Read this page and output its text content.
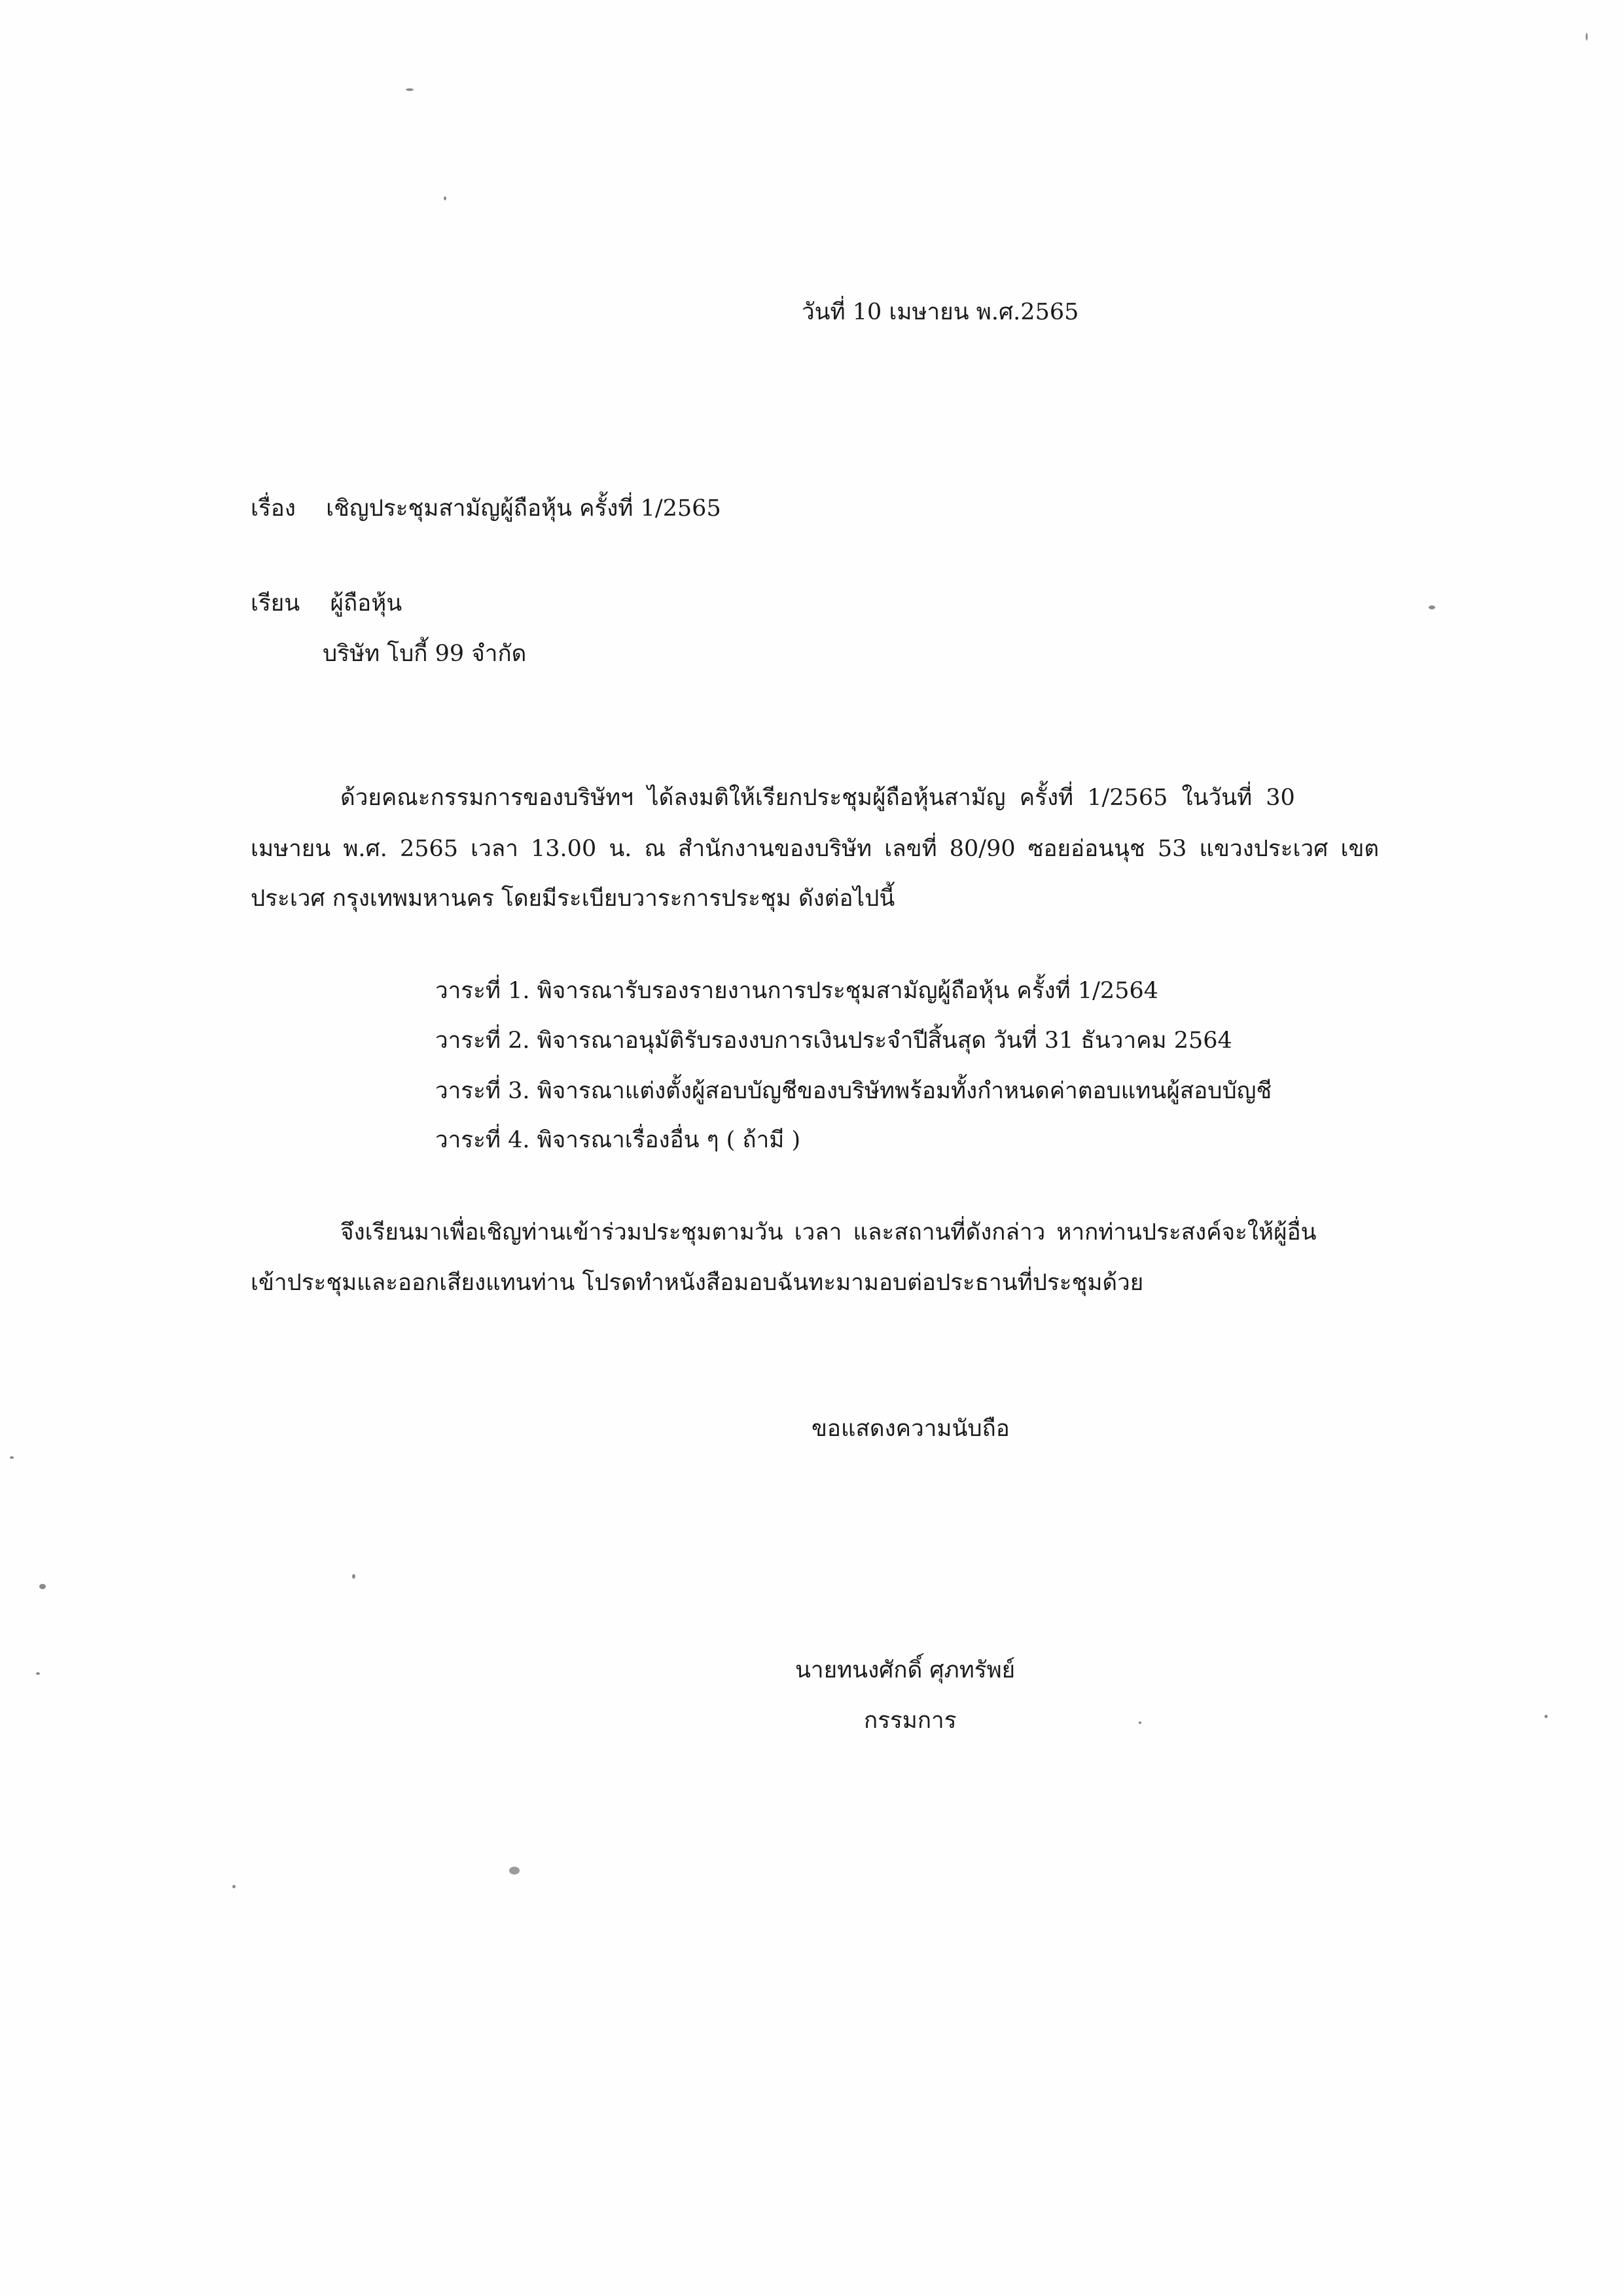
วันที่ 10 เมษายน พ.ศ.2565
เรื่อง เชิญประชุมสามัญผู้ถือหุ้น ครั้งที่ 1/2565
เรียน ผู้ถือหุ้น
บริษัท โบกี้ 99 จำกัด
ด้วยคณะกรรมการของบริษัทฯ ได้ลงมติให้เรียกประชุมผู้ถือหุ้นสามัญ ครั้งที่ 1/2565 ในวันที่ 30
เมษายน พ.ศ. 2565 เวลา 13.00 น. ณ สำนักงานของบริษัท เลขที่ 80/90 ซอยอ่อนนุช 53 แขวงประเวศ เขต
ประเวศ กรุงเทพมหานคร โดยมีระเบียบวาระการประชุม ดังต่อไปนี้
วาระที่ 1. พิจารณารับรองรายงานการประชุมสามัญผู้ถือหุ้น ครั้งที่ 1/2564
วาระที่ 2. พิจารณาอนุมัติรับรองงบการเงินประจำปีสิ้นสุด วันที่ 31 ธันวาคม 2564
วาระที่ 3. พิจารณาแต่งตั้งผู้สอบบัญชีของบริษัทพร้อมทั้งกำหนดค่าตอบแทนผู้สอบบัญชี
วาระที่ 4. พิจารณาเรื่องอื่น ๆ ( ถ้ามี )
จึงเรียนมาเพื่อเชิญท่านเข้าร่วมประชุมตามวัน เวลา และสถานที่ดังกล่าว หากท่านประสงค์จะให้ผู้อื่น
เข้าประชุมและออกเสียงแทนท่าน โปรดทำหนังสือมอบฉันทะมามอบต่อประธานที่ประชุมด้วย
ขอแสดงความนับถือ
นายทนงศักดิ์ ศุภทรัพย์
กรรมการ
